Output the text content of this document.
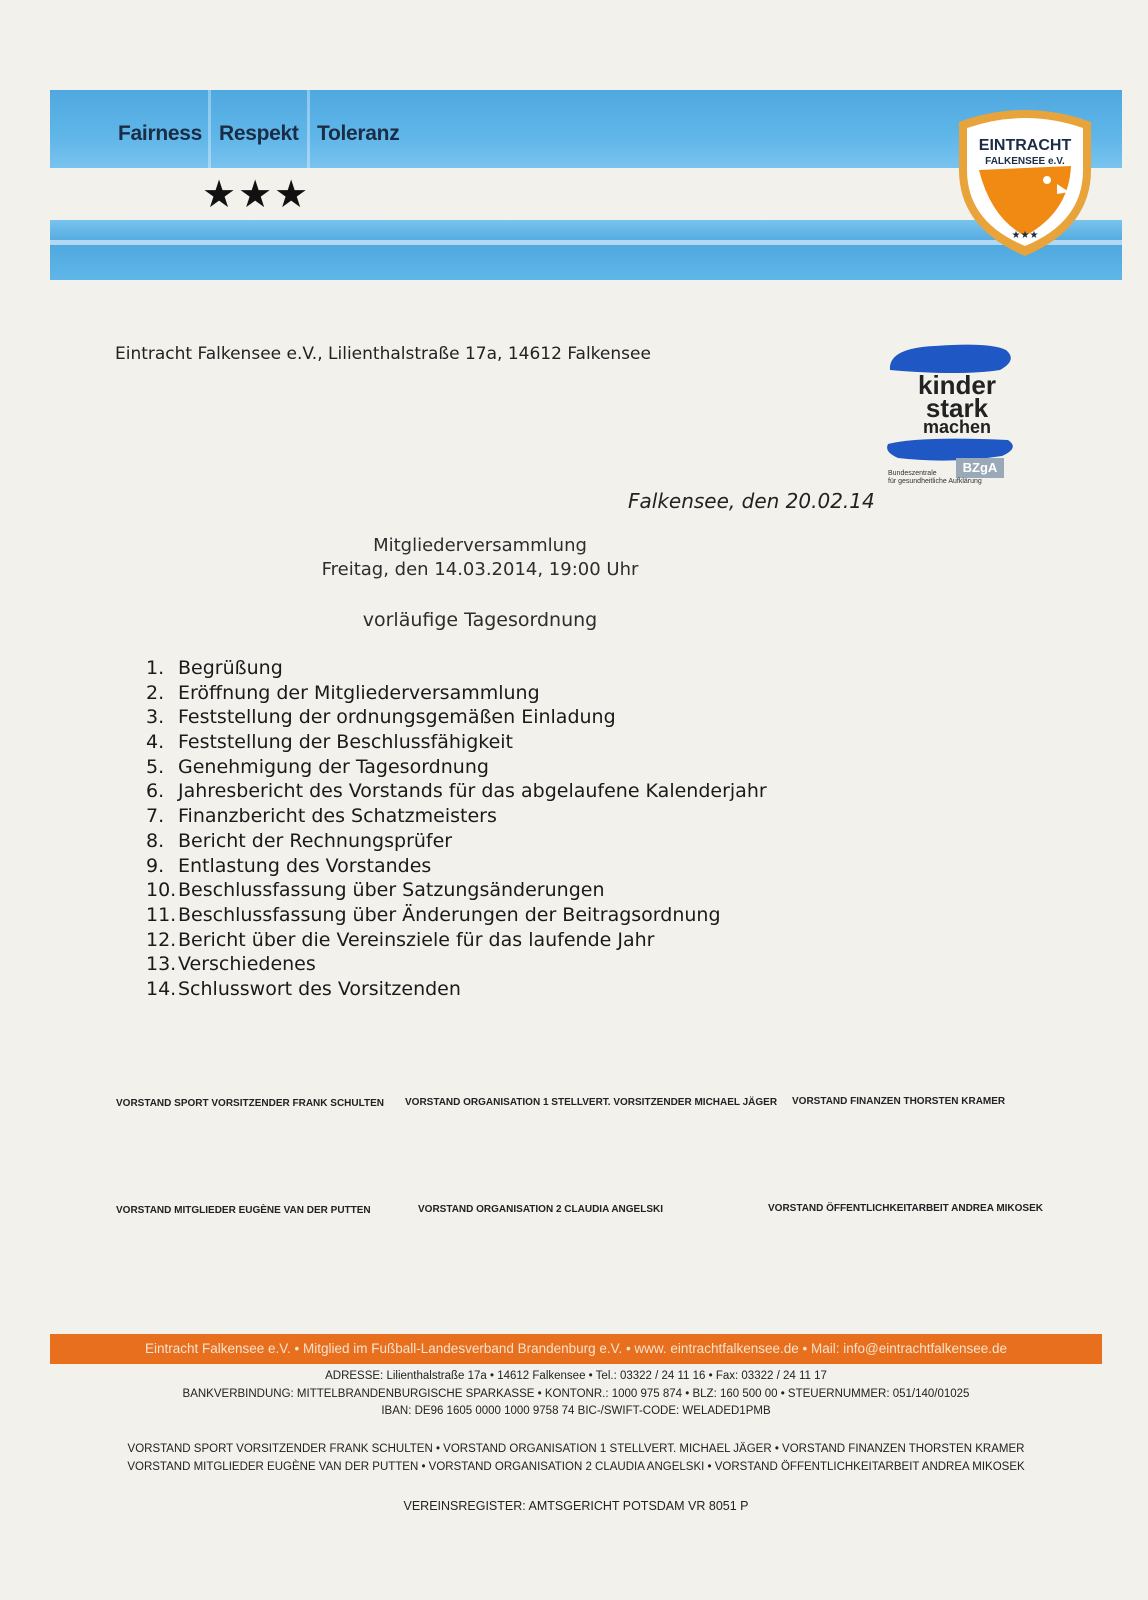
Fairness Respekt Toleranz
★★★
EINTRACHT
FALKENSEE e.V.
★★★
Eintracht Falkensee e.V., Lilienthalstraße 17a, 14612 Falkensee
kinder
stark
machen
BZgA
Bundeszentrale
für gesundheitliche Aufklärung
Falkensee, den 20.02.14
Mitgliederversammlung
Freitag, den 14.03.2014, 19:00 Uhr
vorläufige Tagesordnung
1. Begrüßung
2. Eröffnung der Mitgliederversammlung
3. Feststellung der ordnungsgemäßen Einladung
4. Feststellung der Beschlussfähigkeit
5. Genehmigung der Tagesordnung
6. Jahresbericht des Vorstands für das abgelaufene Kalenderjahr
7. Finanzbericht des Schatzmeisters
8. Bericht der Rechnungsprüfer
9. Entlastung des Vorstandes
10. Beschlussfassung über Satzungsänderungen
11. Beschlussfassung über Änderungen der Beitragsordnung
12. Bericht über die Vereinsziele für das laufende Jahr
13. Verschiedenes
14. Schlusswort des Vorsitzenden
VORSTAND SPORT VORSITZENDER FRANK SCHULTEN VORSTAND ORGANISATION 1 STELLVERT. VORSITZENDER MICHAEL JÄGER VORSTAND FINANZEN THORSTEN KRAMER
VORSTAND MITGLIEDER EUGÈNE VAN DER PUTTEN	VORSTAND ORGANISATION 2 CLAUDIA ANGELSKI	VORSTAND ÖFFENTLICHKEITARBEIT ANDREA MIKOSEK
Eintracht Falkensee e.V. • Mitglied im Fußball-Landesverband Brandenburg e.V. • www. eintrachtfalkensee.de • Mail: info@eintrachtfalkensee.de
ADRESSE: Lilienthalstraße 17a • 14612 Falkensee • Tel.: 03322 / 24 11 16 • Fax: 03322 / 24 11 17
BANKVERBINDUNG: MITTELBRANDENBURGISCHE SPARKASSE • KONTONR.: 1000 975 874 • BLZ: 160 500 00 • STEUERNUMMER: 051/140/01025
IBAN: DE96 1605 0000 1000 9758 74 BIC-/SWIFT-CODE: WELADED1PMB
VORSTAND SPORT VORSITZENDER FRANK SCHULTEN • VORSTAND ORGANISATION 1 STELLVERT. MICHAEL JÄGER • VORSTAND FINANZEN THORSTEN KRAMER
VORSTAND MITGLIEDER EUGÈNE VAN DER PUTTEN • VORSTAND ORGANISATION 2 CLAUDIA ANGELSKI • VORSTAND ÖFFENTLICHKEITARBEIT ANDREA MIKOSEK
VEREINSREGISTER: AMTSGERICHT POTSDAM VR 8051 P
